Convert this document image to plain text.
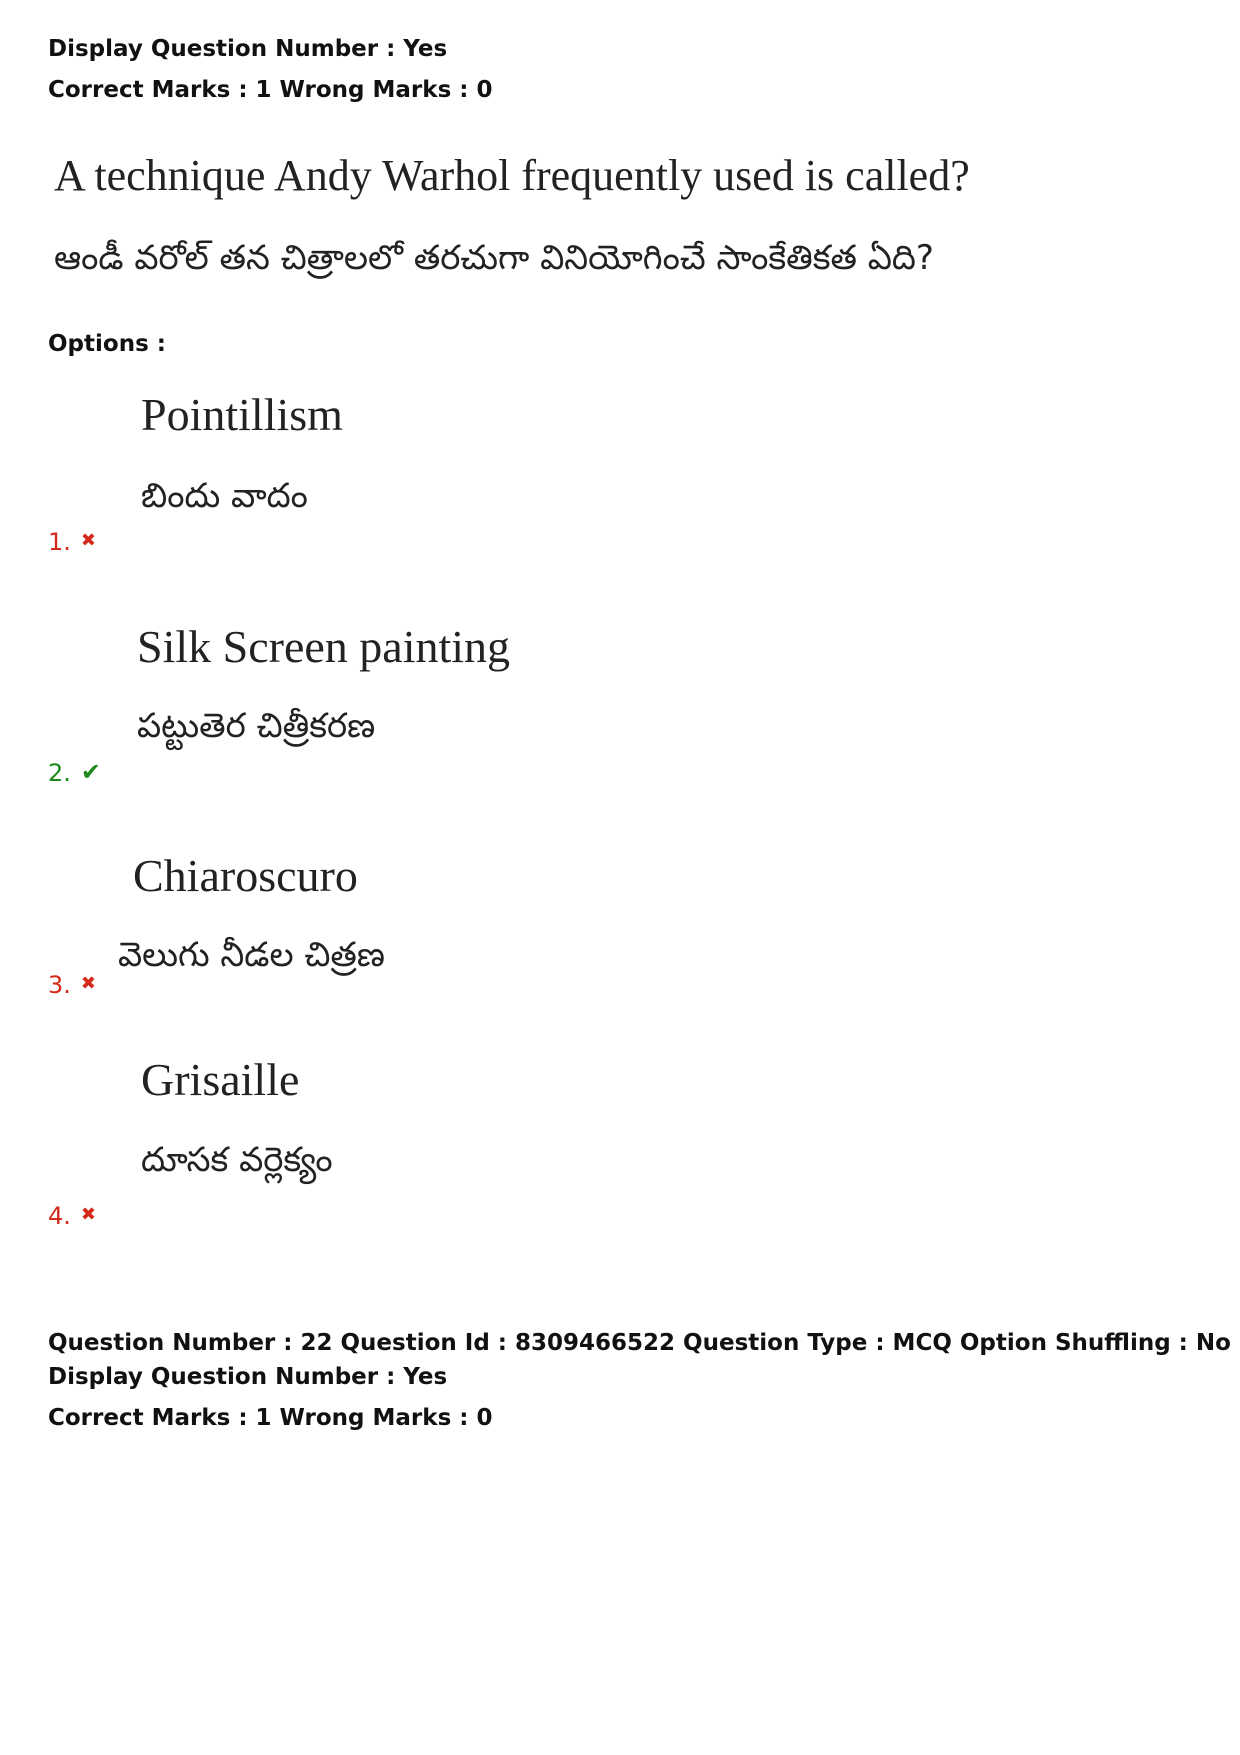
Display Question Number : Yes
Correct Marks : 1 Wrong Marks : 0
A technique Andy Warhol frequently used is called?
ఆండీ వరోల్ తన చిత్రాలలో తరచుగా వినియోగించే సాంకేతికత ఏది?
Options :
Pointillism
బిందు వాదం
1. ✖
Silk Screen painting
పట్టుతెర చిత్రీకరణ
2. ✔
Chiaroscuro
వెలుగు నీడల చిత్రణ
3. ✖
Grisaille
దూసక వర్లెక్యం
4. ✖
Question Number : 22 Question Id : 8309466522 Question Type : MCQ Option Shuffling : No
Display Question Number : Yes
Correct Marks : 1 Wrong Marks : 0
